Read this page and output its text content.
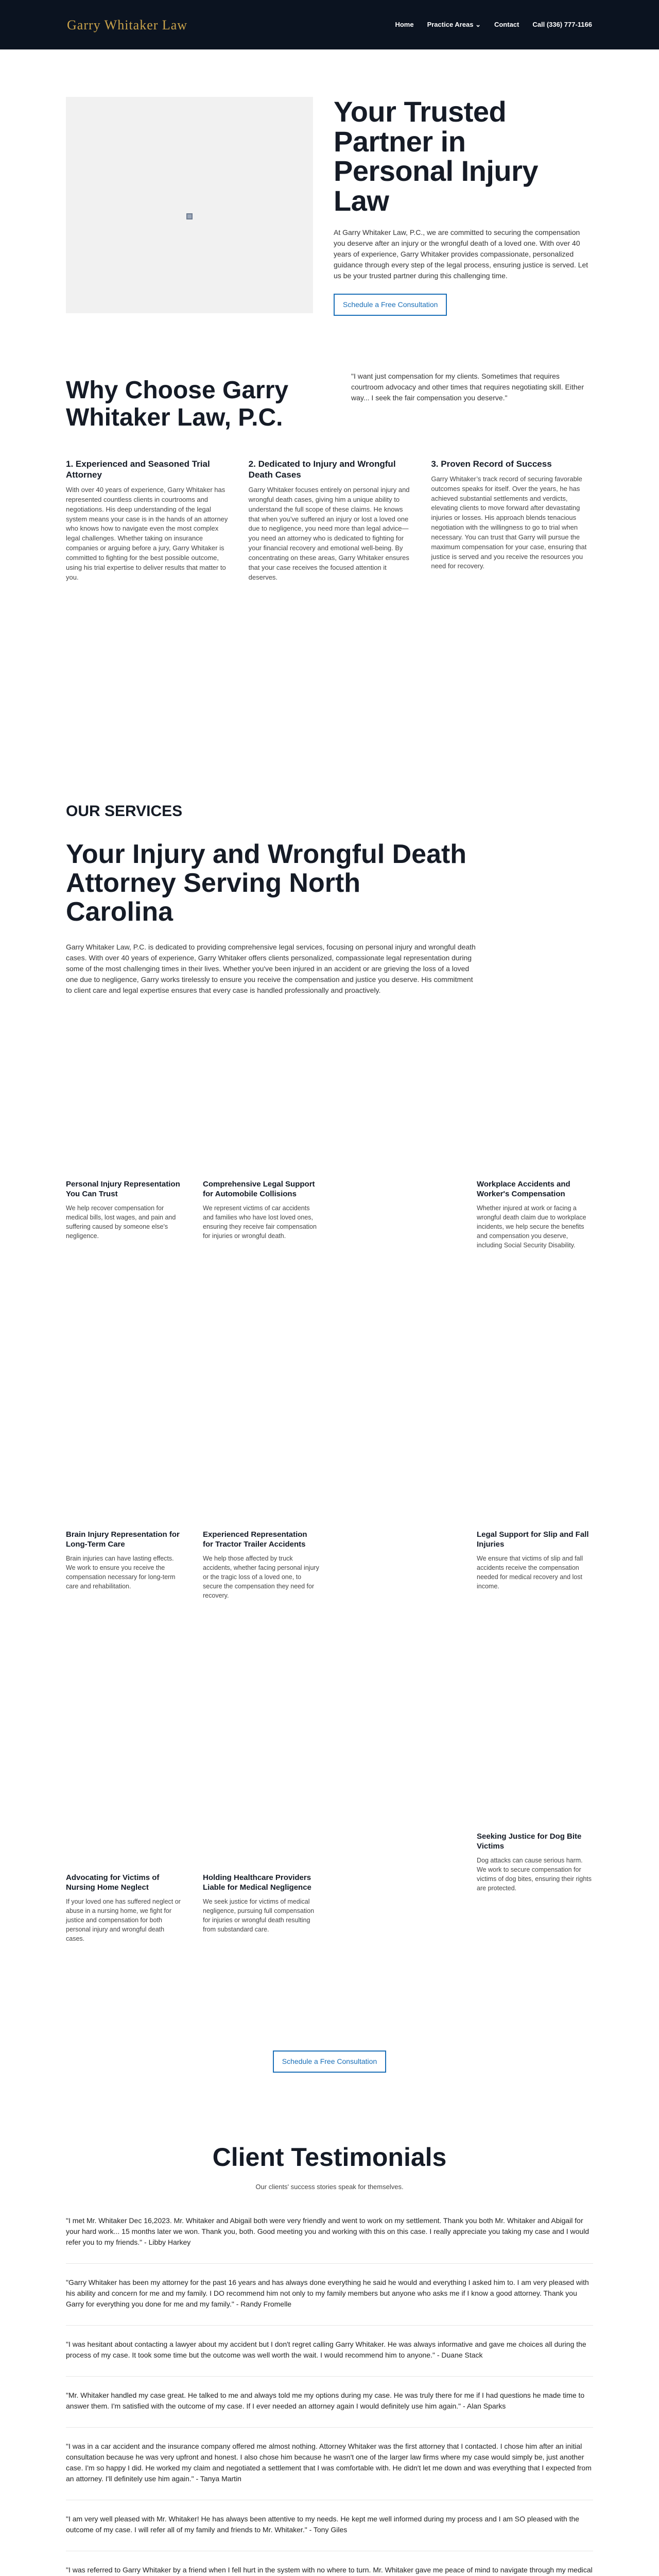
Garry Whitaker Law	Home Practice Areas ⌄ Contact Call (336) 777-1166
Your Trusted Partner in Personal Injury Law

At Garry Whitaker Law, P.C., we are committed to securing the compensation you deserve after an injury or the wrongful death of a loved one. With over 40 years of experience, Garry Whitaker provides compassionate, personalized guidance through every step of the legal process, ensuring justice is served. Let us be your trusted partner during this challenging time.

Schedule a Free Consultation
Why Choose Garry Whitaker Law, P.C.

"I want just compensation for my clients. Sometimes that requires courtroom advocacy and other times that requires negotiating skill. Either way... I seek the fair compensation you deserve."

1. Experienced and Seasoned Trial Attorney

With over 40 years of experience, Garry Whitaker has represented countless clients in courtrooms and negotiations. His deep understanding of the legal system means your case is in the hands of an attorney who knows how to navigate even the most complex legal challenges. Whether taking on insurance companies or arguing before a jury, Garry Whitaker is committed to fighting for the best possible outcome, using his trial expertise to deliver results that matter to you.

2. Dedicated to Injury and Wrongful Death Cases

Garry Whitaker focuses entirely on personal injury and wrongful death cases, giving him a unique ability to understand the full scope of these claims. He knows that when you’ve suffered an injury or lost a loved one due to negligence, you need more than legal advice—you need an attorney who is dedicated to fighting for your financial recovery and emotional well-being. By concentrating on these areas, Garry Whitaker ensures that your case receives the focused attention it deserves.

3. Proven Record of Success

Garry Whitaker’s track record of securing favorable outcomes speaks for itself. Over the years, he has achieved substantial settlements and verdicts, elevating clients to move forward after devastating injuries or losses. His approach blends tenacious negotiation with the willingness to go to trial when necessary. You can trust that Garry will pursue the maximum compensation for your case, ensuring that justice is served and you receive the resources you need for recovery.

OUR SERVICES
Your Injury and Wrongful Death Attorney Serving North Carolina

Garry Whitaker Law, P.C. is dedicated to providing comprehensive legal services, focusing on personal injury and wrongful death cases. With over 40 years of experience, Garry Whitaker offers clients personalized, compassionate legal representation during some of the most challenging times in their lives. Whether you've been injured in an accident or are grieving the loss of a loved one due to negligence, Garry works tirelessly to ensure you receive the compensation and justice you deserve. His commitment to client care and legal expertise ensures that every case is handled professionally and proactively.

Personal Injury Representation You Can Trust

We help recover compensation for medical bills, lost wages, and pain and suffering caused by someone else's negligence.

Comprehensive Legal Support for Automobile Collisions

We represent victims of car accidents and families who have lost loved ones, ensuring they receive fair compensation for injuries or wrongful death.

Workplace Accidents and Worker's Compensation

Whether injured at work or facing a wrongful death claim due to workplace incidents, we help secure the benefits and compensation you deserve, including Social Security Disability.

Brain Injury Representation for Long-Term Care

Brain injuries can have lasting effects. We work to ensure you receive the compensation necessary for long-term care and rehabilitation.

Experienced Representation for Tractor Trailer Accidents

We help those affected by truck accidents, whether facing personal injury or the tragic loss of a loved one, to secure the compensation they need for recovery.

Legal Support for Slip and Fall Injuries

We ensure that victims of slip and fall accidents receive the compensation needed for medical recovery and lost income.

Advocating for Victims of Nursing Home Neglect

If your loved one has suffered neglect or abuse in a nursing home, we fight for justice and compensation for both personal injury and wrongful death cases.

Holding Healthcare Providers Liable for Medical Negligence

We seek justice for victims of medical negligence, pursuing full compensation for injuries or wrongful death resulting from substandard care.

Seeking Justice for Dog Bite Victims

Dog attacks can cause serious harm. We work to secure compensation for victims of dog bites, ensuring their rights are protected.

Schedule a Free Consultation
Client Testimonials

Our clients' success stories speak for themselves.

"I met Mr. Whitaker Dec 16,2023. Mr. Whitaker and Abigail both were very friendly and went to work on my settlement. Thank you both Mr. Whitaker and Abigail for your hard work... 15 months later we won. Thank you, both. Good meeting you and working with this on this case. I really appreciate you taking my case and I would refer you to my friends." - Libby Harkey
"Garry Whitaker has been my attorney for the past 16 years and has always done everything he said he would and everything I asked him to. I am very pleased with his ability and concern for me and my family. I DO recommend him not only to my family members but anyone who asks me if I know a good attorney. Thank you Garry for everything you done for me and my family." - Randy Fromelle
"I was hesitant about contacting a lawyer about my accident but I don't regret calling Garry Whitaker. He was always informative and gave me choices all during the process of my case. It took some time but the outcome was well worth the wait. I would recommend him to anyone." - Duane Stack
"Mr. Whitaker handled my case great. He talked to me and always told me my options during my case. He was truly there for me if I had questions he made time to answer them. I'm satisfied with the outcome of my case. If I ever needed an attorney again I would definitely use him again." - Alan Sparks
"I was in a car accident and the insurance company offered me almost nothing. Attorney Whitaker was the first attorney that I contacted. I chose him after an initial consultation because he was very upfront and honest. I also chose him because he wasn't one of the larger law firms where my case would simply be, just another case. I'm so happy I did. He worked my claim and negotiated a settlement that I was comfortable with. He didn't let me down and was everything that I expected from an attorney. I'll definitely use him again." - Tanya Martin
"I am very well pleased with Mr. Whitaker! He has always been attentive to my needs. He kept me well informed during my process and I am SO pleased with the outcome of my case. I will refer all of my family and friends to Mr. Whitaker." - Tony Giles
"I was referred to Garry Whitaker by a friend when I fell hurt in the system with no where to turn. Mr. Whitaker gave me peace of mind to navigate through my medical
